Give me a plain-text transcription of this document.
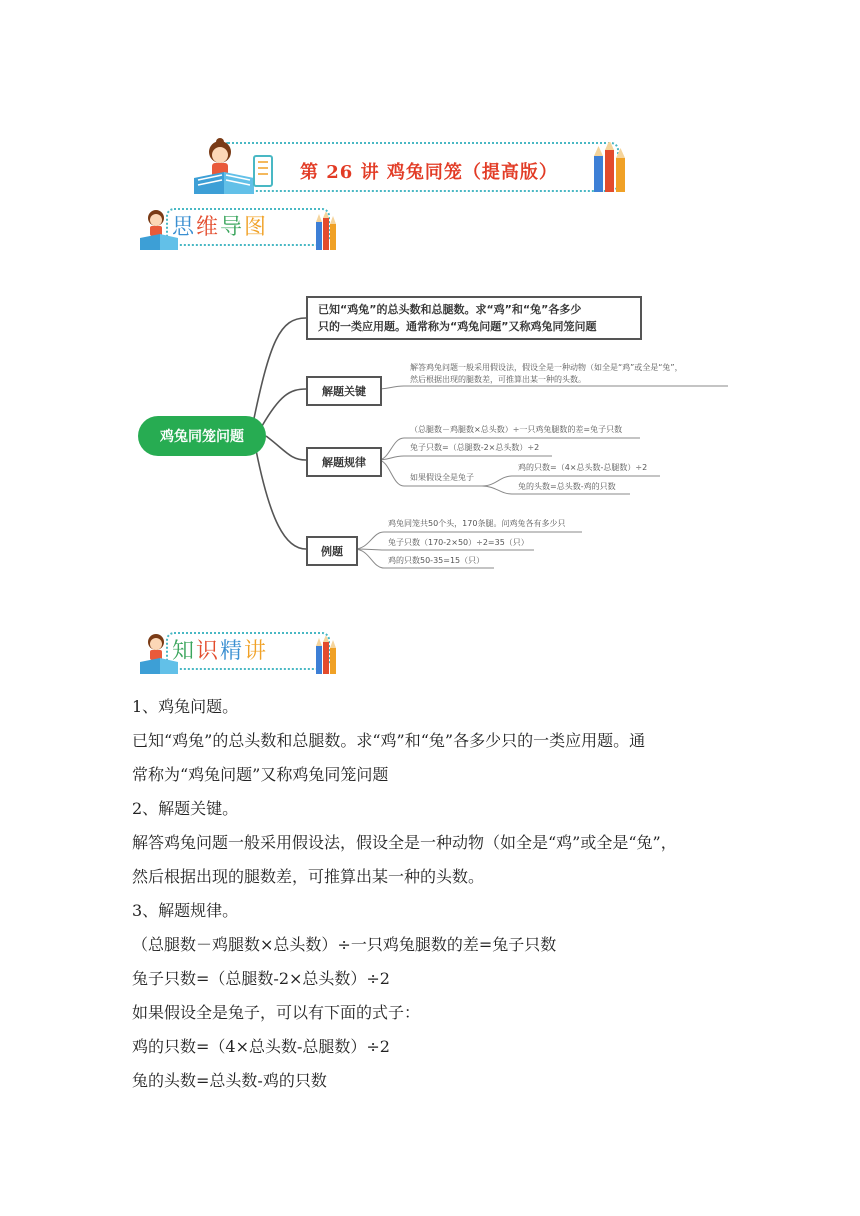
第 26 讲 鸡兔同笼（提高版）
思维导图
鸡兔同笼问题
已知“鸡兔”的总头数和总腿数。求“鸡”和“兔”各多少
只的一类应用题。通常称为“鸡兔问题”又称鸡兔同笼问题
解题关键
解答鸡兔问题一般采用假设法，假设全是一种动物（如全是“鸡”或全是“兔”，
然后根据出现的腿数差，可推算出某一种的头数。
解题规律
（总腿数－鸡腿数×总头数）÷一只鸡兔腿数的差=兔子只数
兔子只数=（总腿数-2×总头数）÷2
如果假设全是兔子
鸡的只数=（4×总头数-总腿数）÷2
兔的头数=总头数-鸡的只数
例题
鸡兔同笼共50个头，170条腿。问鸡兔各有多少只
兔子只数（170-2×50）÷2=35（只）
鸡的只数50-35=15（只）
知识精讲

1、鸡兔问题。

已知“鸡兔”的总头数和总腿数。求“鸡”和“兔”各多少只的一类应用题。通

常称为“鸡兔问题”又称鸡兔同笼问题

2、解题关键。

解答鸡兔问题一般采用假设法，假设全是一种动物（如全是“鸡”或全是“兔”，

然后根据出现的腿数差，可推算出某一种的头数。

3、解题规律。

（总腿数－鸡腿数×总头数）÷一只鸡兔腿数的差=兔子只数

兔子只数=（总腿数-2×总头数）÷2

如果假设全是兔子，可以有下面的式子：

鸡的只数=（4×总头数-总腿数）÷2

兔的头数=总头数-鸡的只数
